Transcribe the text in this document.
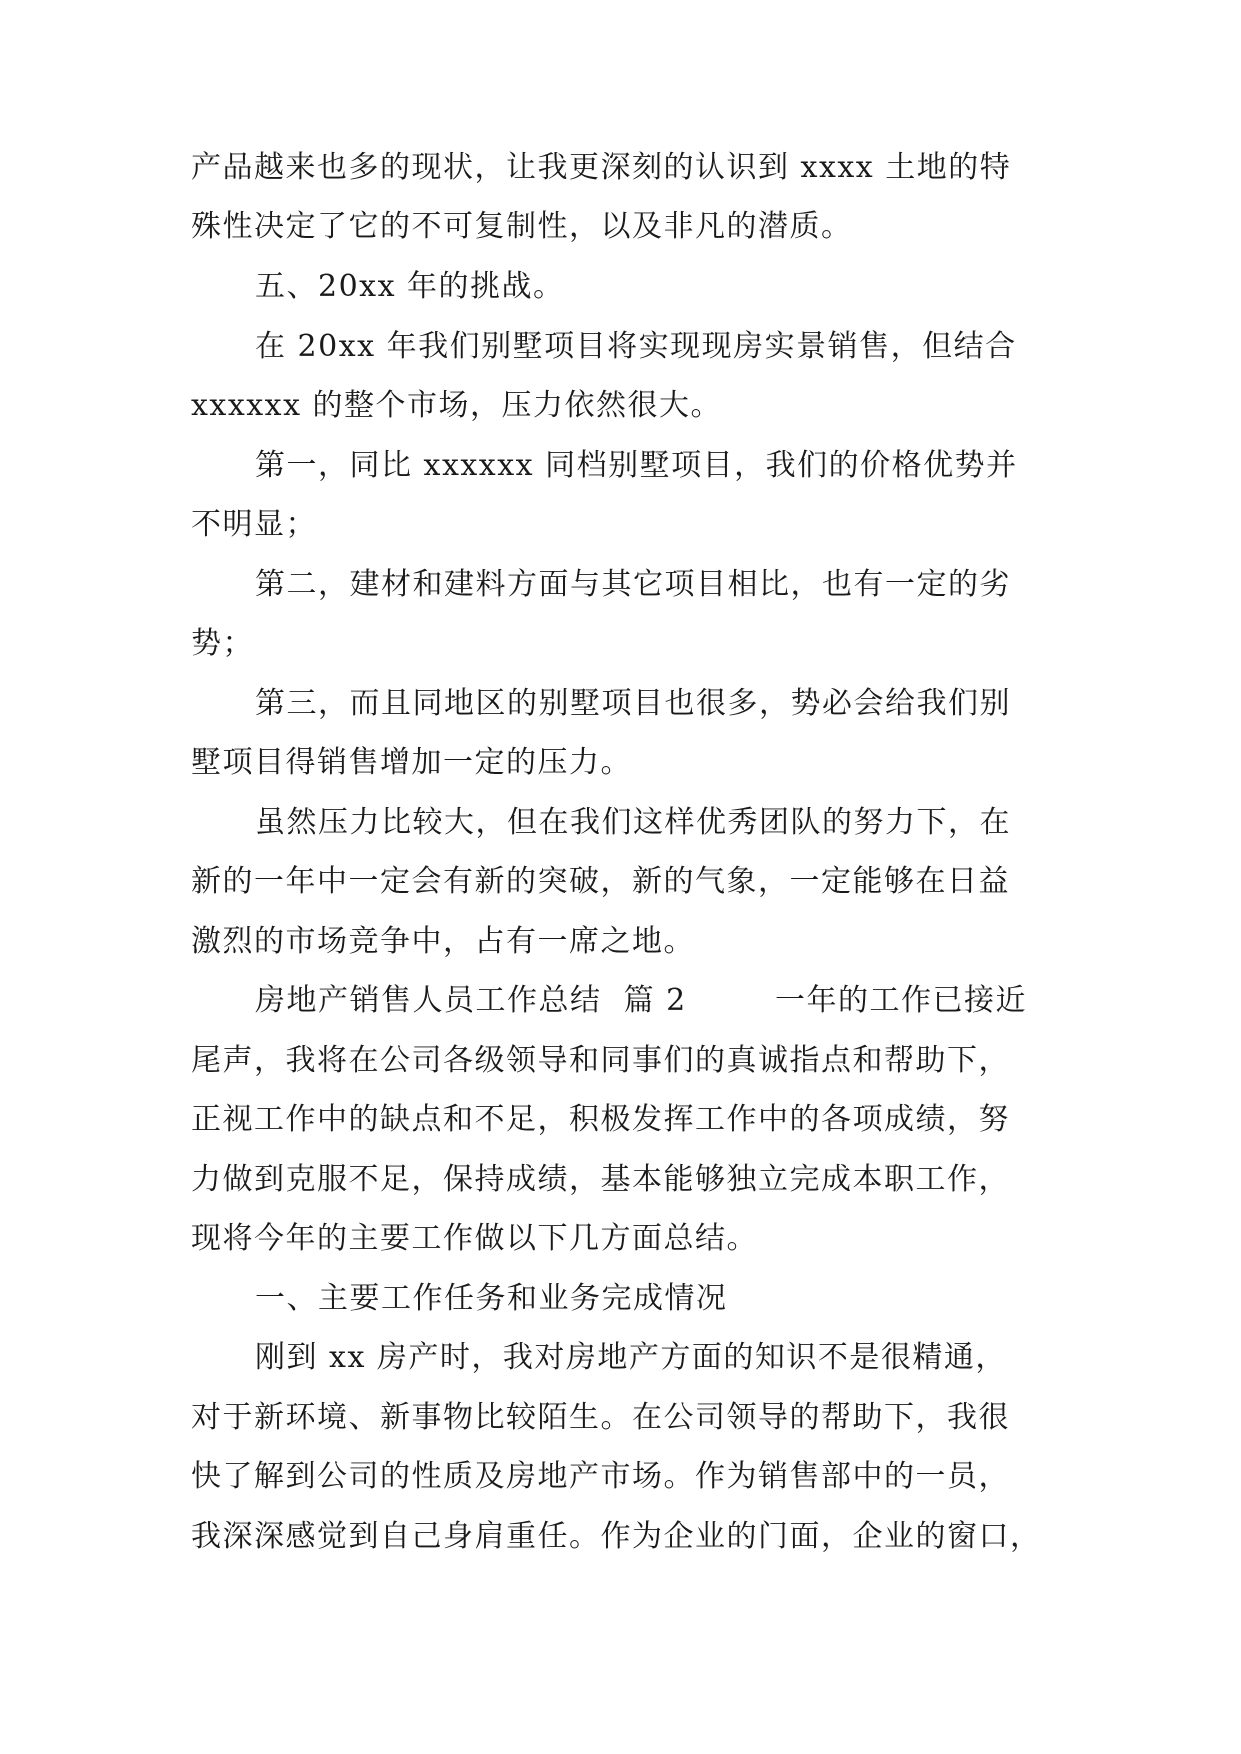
产品越来也多的现状，让我更深刻的认识到 xxxx 土地的特
殊性决定了它的不可复制性，以及非凡的潜质。
五、20xx 年的挑战。
在 20xx 年我们别墅项目将实现现房实景销售，但结合
xxxxxx 的整个市场，压力依然很大。
第一，同比 xxxxxx 同档别墅项目，我们的价格优势并
不明显；
第二，建材和建料方面与其它项目相比，也有一定的劣
势；
第三，而且同地区的别墅项目也很多，势必会给我们别
墅项目得销售增加一定的压力。
虽然压力比较大，但在我们这样优秀团队的努力下，在
新的一年中一定会有新的突破，新的气象，一定能够在日益
激烈的市场竞争中，占有一席之地。
房地产销售人员工作总结  篇 2        一年的工作已接近
尾声，我将在公司各级领导和同事们的真诚指点和帮助下，
正视工作中的缺点和不足，积极发挥工作中的各项成绩，努
力做到克服不足，保持成绩，基本能够独立完成本职工作，
现将今年的主要工作做以下几方面总结。
一、主要工作任务和业务完成情况
刚到 xx 房产时，我对房地产方面的知识不是很精通，
对于新环境、新事物比较陌生。在公司领导的帮助下，我很
快了解到公司的性质及房地产市场。作为销售部中的一员，
我深深感觉到自己身肩重任。作为企业的门面，企业的窗口，
